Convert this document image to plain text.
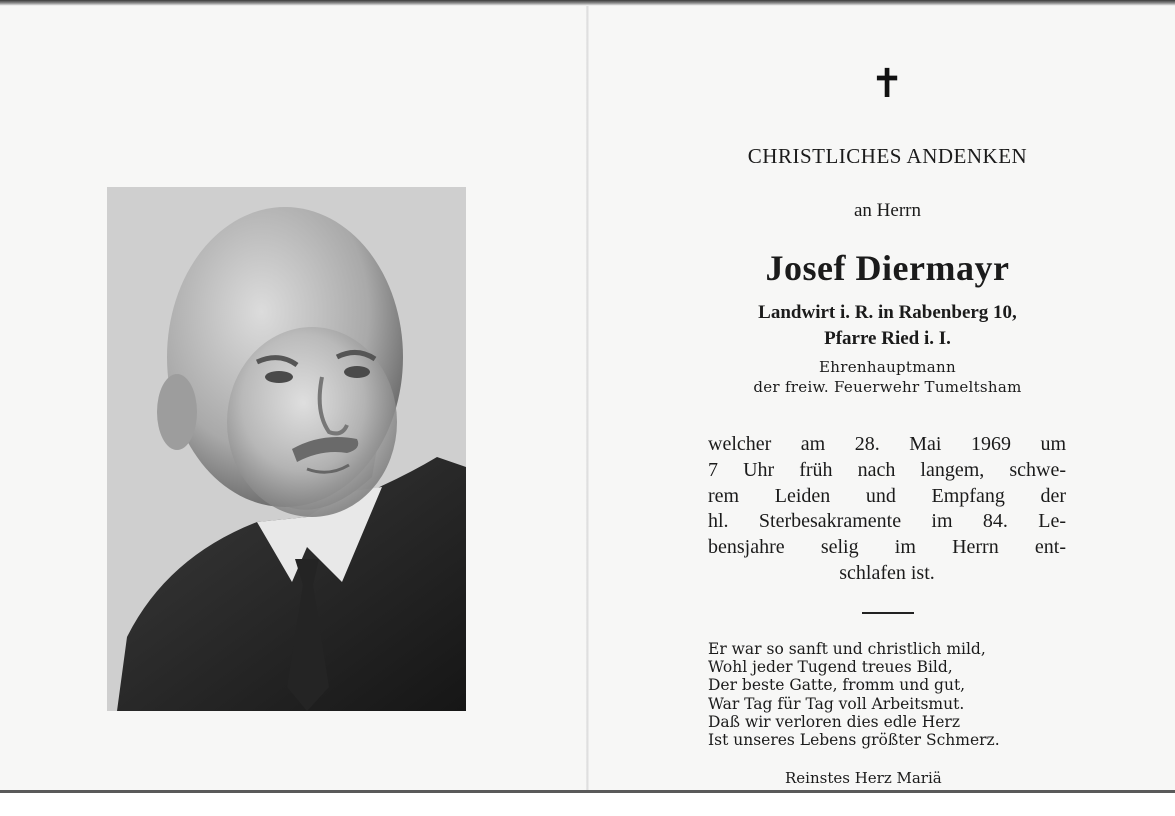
✝
CHRISTLICHES ANDENKEN
an Herrn
Josef Diermayr
Landwirt i. R. in Rabenberg 10,
Pfarre Ried i. I.
Ehrenhauptmann
der freiw. Feuerwehr Tumeltsham
welcher am 28. Mai 1969 um
7 Uhr früh nach langem, schwe-
rem Leiden und Empfang der
hl. Sterbesakramente im 84. Le-
bensjahre selig im Herrn ent-
schlafen ist.
Er war so sanft und christlich mild,
Wohl jeder Tugend treues Bild,
Der beste Gatte, fromm und gut,
War Tag für Tag voll Arbeitsmut.
Daß wir verloren dies edle Herz
Ist unseres Lebens größter Schmerz.
Reinstes Herz Mariä
